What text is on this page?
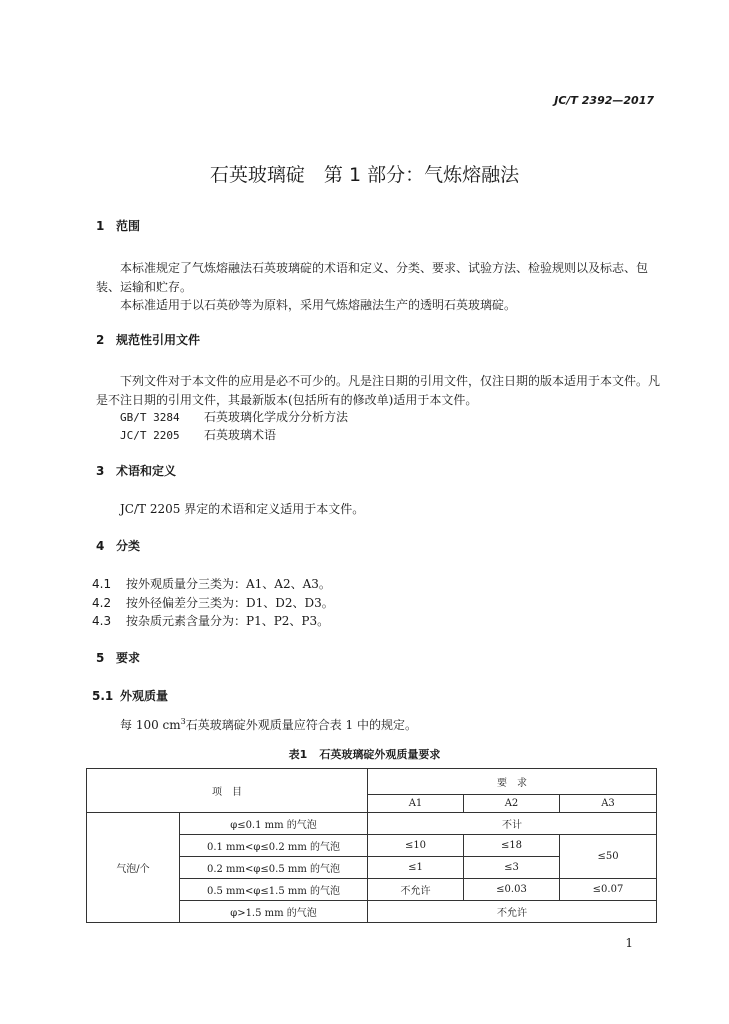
JC/T 2392—2017
石英玻璃碇　第 1 部分：气炼熔融法
1 范围
本标准规定了气炼熔融法石英玻璃碇的术语和定义、分类、要求、试验方法、检验规则以及标志、包装、运输和贮存。
本标准适用于以石英砂等为原料，采用气炼熔融法生产的透明石英玻璃碇。
2 规范性引用文件
下列文件对于本文件的应用是必不可少的。凡是注日期的引用文件，仅注日期的版本适用于本文件。凡是不注日期的引用文件，其最新版本(包括所有的修改单)适用于本文件。
GB/T 3284 石英玻璃化学成分分析方法
JC/T 2205 石英玻璃术语
3 术语和定义
JC/T 2205 界定的术语和定义适用于本文件。
4 分类
4.1 按外观质量分三类为：A1、A2、A3。
4.2 按外径偏差分三类为：D1、D2、D3。
4.3 按杂质元素含量分为：P1、P2、P3。
5 要求
5.1 外观质量
每 100 $cm^3$石英玻璃碇外观质量应符合表 1 中的规定。
表1 石英玻璃碇外观质量要求
项　目		要　求		
		A1	A2	A3
气泡/个	φ≤0.1 mm 的气泡	不计		
	0.1 mm<φ≤0.2 mm 的气泡	≤10	≤18	≤50
	0.2 mm<φ≤0.5 mm 的气泡	≤1	≤3	
	0.5 mm<φ≤1.5 mm 的气泡	不允许	≤0.03	≤0.07
	φ>1.5 mm 的气泡	不允许		
1
